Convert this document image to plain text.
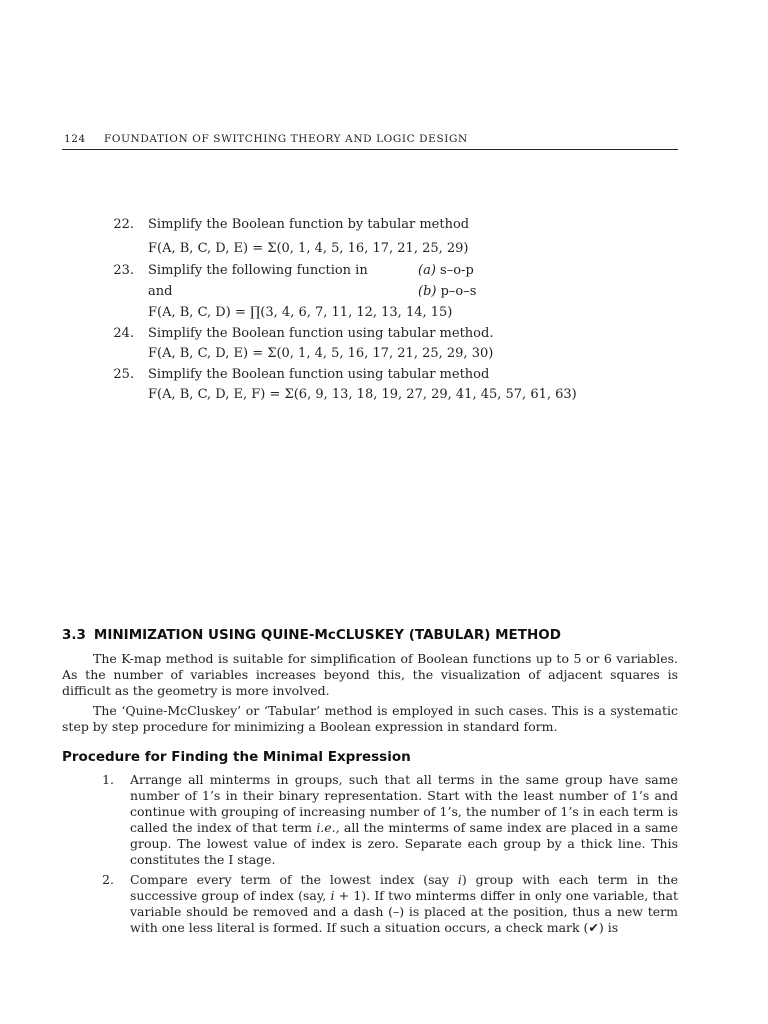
124 FOUNDATION OF SWITCHING THEORY AND LOGIC DESIGN
22. Simplify the Boolean function by tabular method
F(A, B, C, D, E) = Σ(0, 1, 4, 5, 16, 17, 21, 25, 29)
23. Simplify the following function in	(a) s–o-p
and	(b) p–o–s
F(A, B, C, D) = ∏(3, 4, 6, 7, 11, 12, 13, 14, 15)
24. Simplify the Boolean function using tabular method.
F(A, B, C, D, E) = Σ(0, 1, 4, 5, 16, 17, 21, 25, 29, 30)
25. Simplify the Boolean function using tabular method
F(A, B, C, D, E, F) = Σ(6, 9, 13, 18, 19, 27, 29, 41, 45, 57, 61, 63)
3.3 MINIMIZATION USING QUINE-McCLUSKEY (TABULAR) METHOD

The K-map method is suitable for simplification of Boolean functions up to 5 or 6 variables. As the number of variables increases beyond this, the visualization of adjacent squares is difficult as the geometry is more involved.

The ‘Quine-McCluskey’ or ‘Tabular’ method is employed in such cases. This is a systematic step by step procedure for minimizing a Boolean expression in standard form.

Procedure for Finding the Minimal Expression
1. Arrange all minterms in groups, such that all terms in the same group have same number of 1’s in their binary representation. Start with the least number of 1’s and continue with grouping of increasing number of 1’s, the number of 1’s in each term is called the index of that term i.e., all the minterms of same index are placed in a same group. The lowest value of index is zero. Separate each group by a thick line. This constitutes the I stage.

2. Compare every term of the lowest index (say i) group with each term in the successive group of index (say, i + 1). If two minterms differ in only one variable, that variable should be removed and a dash (–) is placed at the position, thus a new term with one less literal is formed. If such a situation occurs, a check mark (✔) is
